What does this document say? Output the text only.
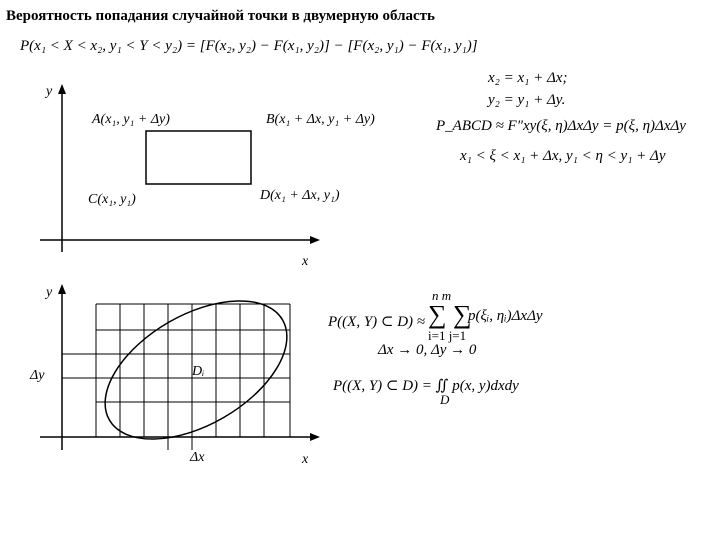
Вероятность попадания случайной точки в двумерную область
P(x₁ < X < x₂, y₁ < Y < y₂) = [F(x₂, y₂) − F(x₁, y₂)] − [F(x₂, y₁) − F(x₁, y₁)]
x₂ = x₁ + Δx;
y₂ = y₁ + Δy.
P_ABCD ≈ F″xy(ξ, η)ΔxΔy = p(ξ, η)ΔxΔy
x₁ < ξ < x₁ + Δx, y₁ < η < y₁ + Δy
y
x
A(x₁, y₁ + Δy)	B(x₁ + Δx, y₁ + Δy)
C(x₁, y₁)	D(x₁ + Δx, y₁)
y
x
Δy
Δx
Dᵢ
P((X, Y) ⊂ D) ≈
n m
∑ ∑
i=1 j=1
p(ξᵢ, ηᵢ)ΔxΔy
Δx → 0, Δy → 0
P((X, Y) ⊂ D) = ∬ p(x, y)dxdy
D
